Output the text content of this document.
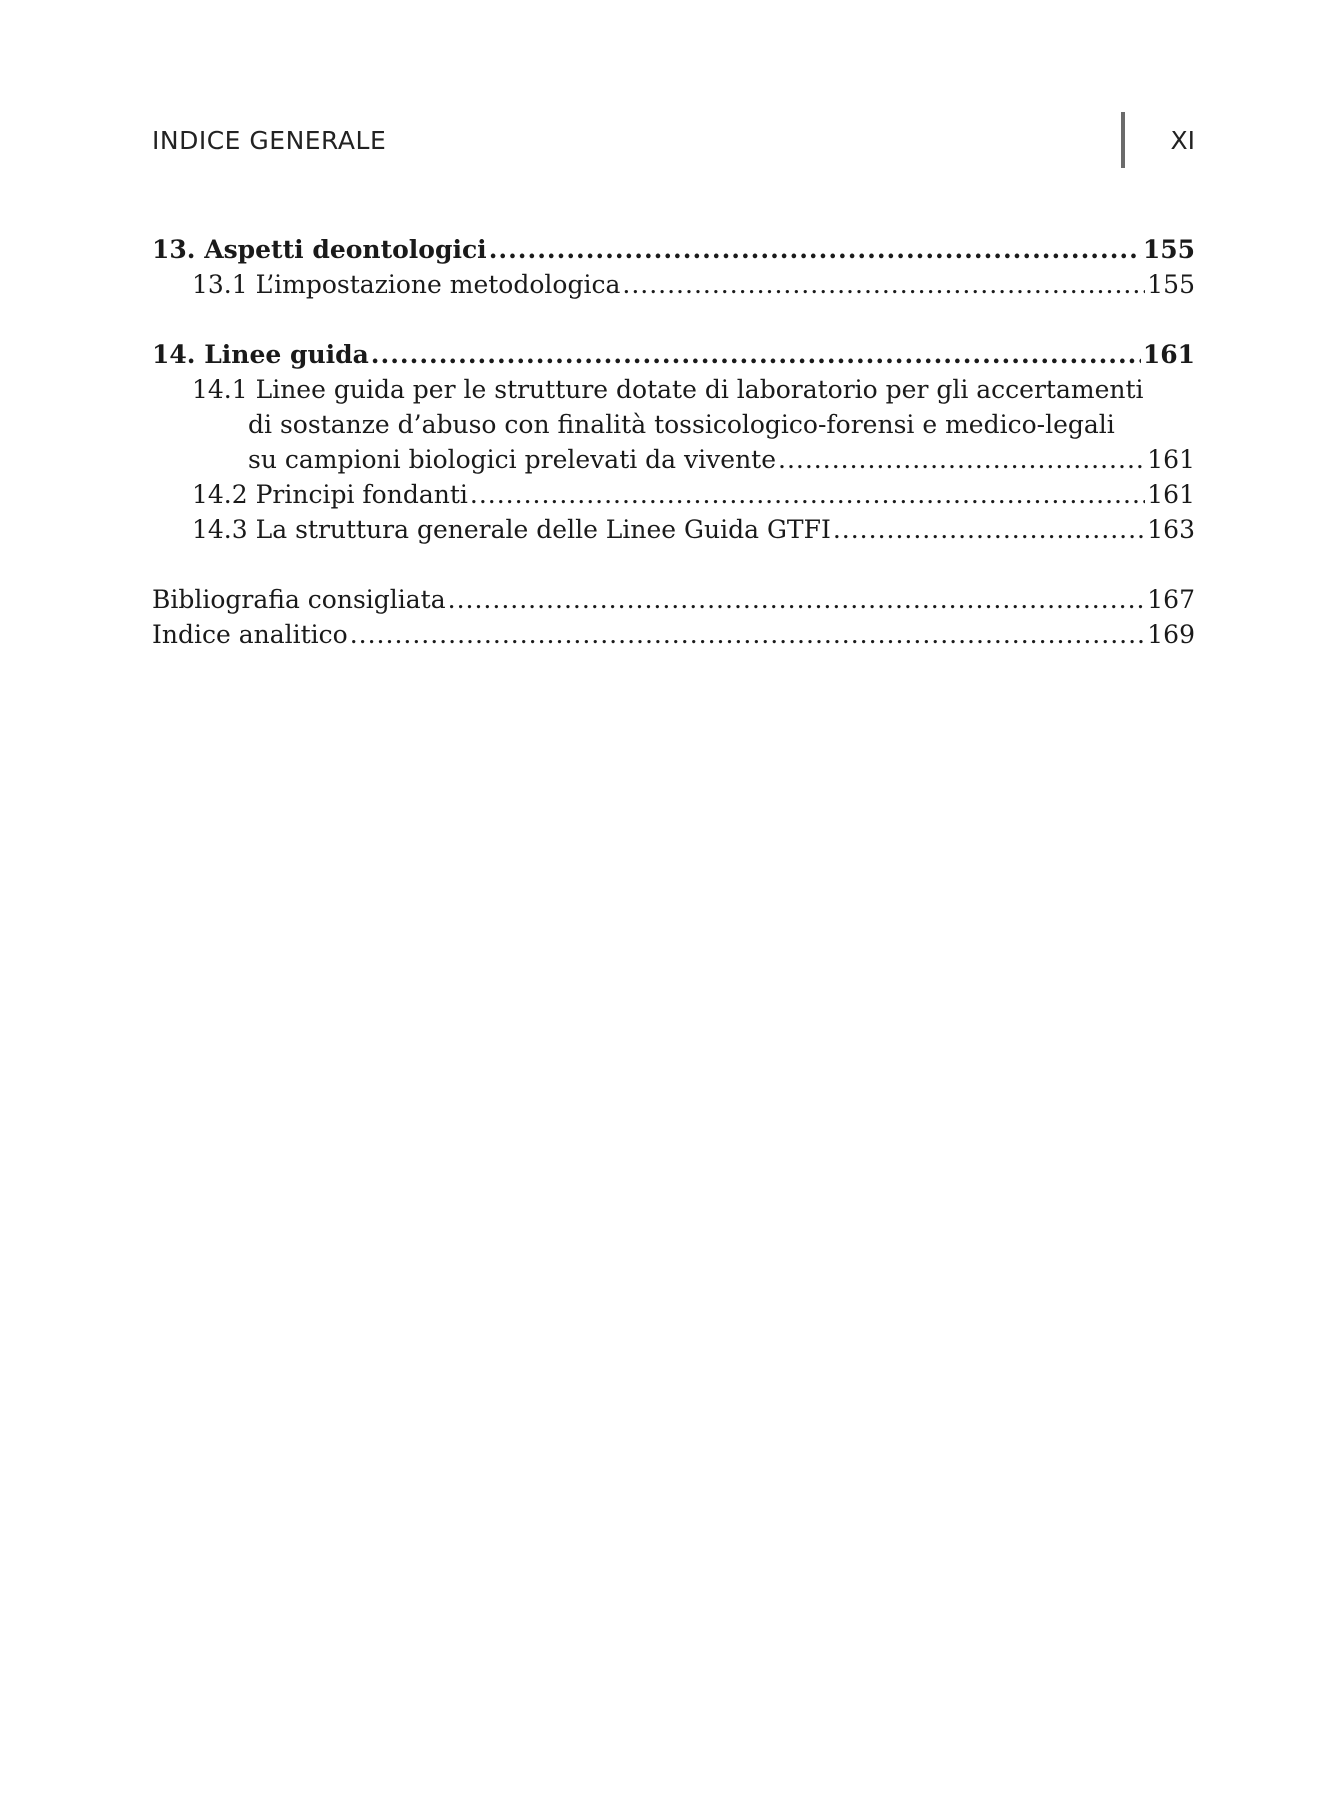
INDICE GENERALE	XI
13. Aspetti deontologici .....	155
13.1 L’impostazione metodologica .....	155
14. Linee guida .....	161
14.1 Linee guida per le strutture dotate di laboratorio per gli accertamenti
di sostanze d’abuso con finalità tossicologico-forensi e medico-legali
su campioni biologici prelevati da vivente .....	161
14.2 Principi fondanti .....	161
14.3 La struttura generale delle Linee Guida GTFI .....	163
Bibliografia consigliata .....	167
Indice analitico .....	169
